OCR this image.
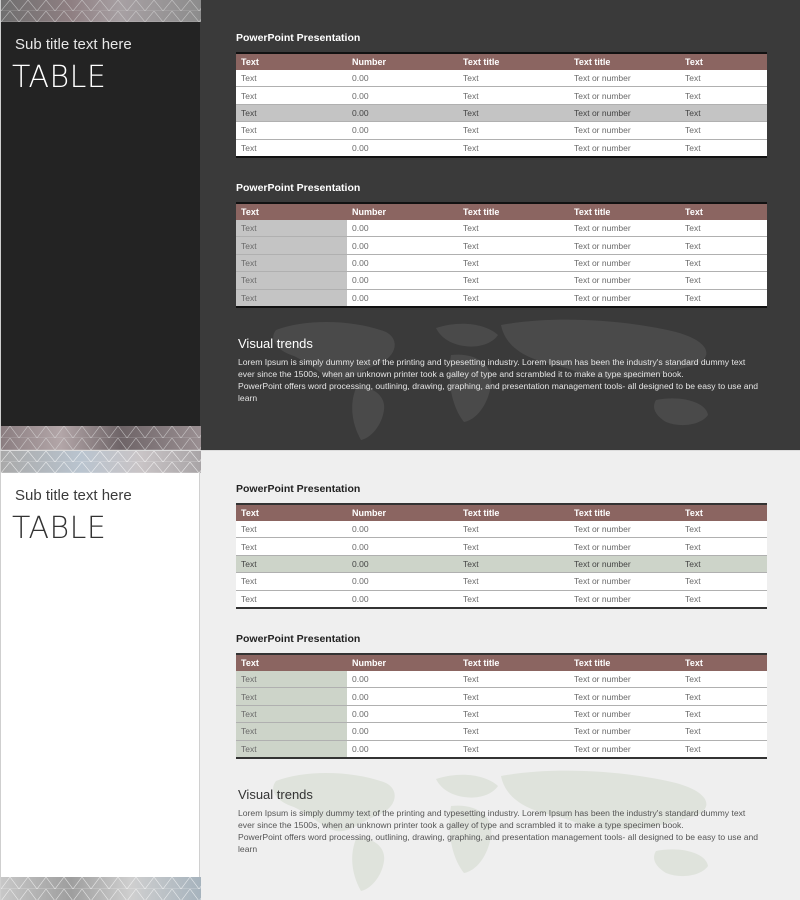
Sub title text here
TABLE
PowerPoint Presentation
Text	Number	Text title	Text title	Text
Text	0.00	Text	Text or number	Text
Text	0.00	Text	Text or number	Text
Text	0.00	Text	Text or number	Text
Text	0.00	Text	Text or number	Text
Text	0.00	Text	Text or number	Text
PowerPoint Presentation
Text	Number	Text title	Text title	Text
Text	0.00	Text	Text or number	Text
Text	0.00	Text	Text or number	Text
Text	0.00	Text	Text or number	Text
Text	0.00	Text	Text or number	Text
Text	0.00	Text	Text or number	Text
Visual trends

Lorem Ipsum is simply dummy text of the printing and typesetting industry. Lorem Ipsum has been the industry's standard dummy text ever since the 1500s, when an unknown printer took a galley of type and scrambled it to make a type specimen book.

PowerPoint offers word processing, outlining, drawing, graphing, and presentation management tools- all designed to be easy to use and learn

Sub title text here
TABLE
PowerPoint Presentation
Text	Number	Text title	Text title	Text
Text	0.00	Text	Text or number	Text
Text	0.00	Text	Text or number	Text
Text	0.00	Text	Text or number	Text
Text	0.00	Text	Text or number	Text
Text	0.00	Text	Text or number	Text
PowerPoint Presentation
Text	Number	Text title	Text title	Text
Text	0.00	Text	Text or number	Text
Text	0.00	Text	Text or number	Text
Text	0.00	Text	Text or number	Text
Text	0.00	Text	Text or number	Text
Text	0.00	Text	Text or number	Text
Visual trends

Lorem Ipsum is simply dummy text of the printing and typesetting industry. Lorem Ipsum has been the industry's standard dummy text ever since the 1500s, when an unknown printer took a galley of type and scrambled it to make a type specimen book.

PowerPoint offers word processing, outlining, drawing, graphing, and presentation management tools- all designed to be easy to use and learn
